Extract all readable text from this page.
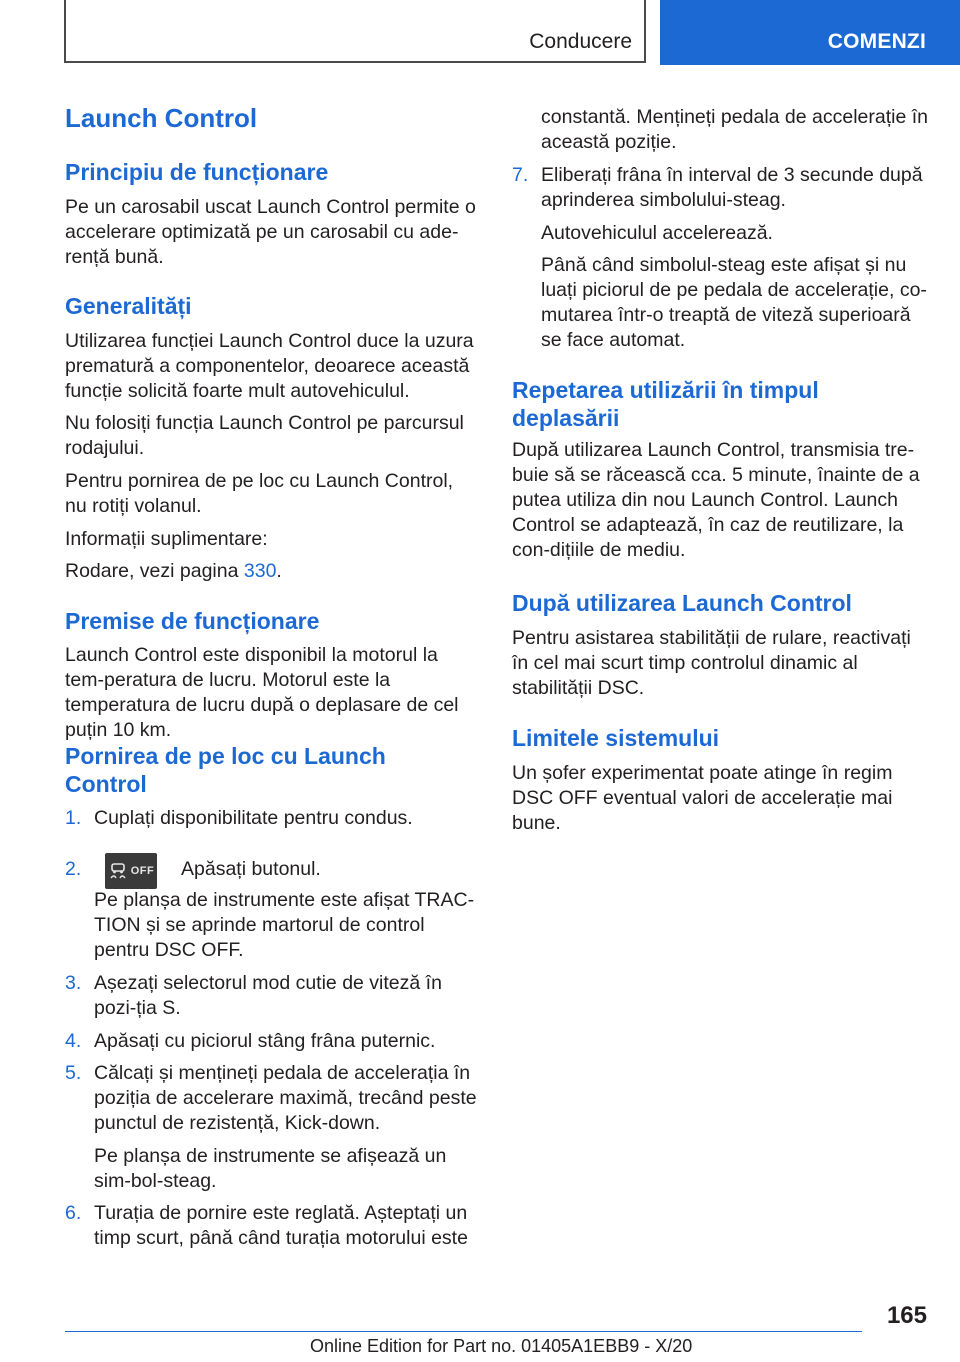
Conducere	COMENZI
Launch Control
Principiu de funcționare

Pe un carosabil uscat Launch Control permite o accelerare optimizată pe un carosabil cu ade-rență bună.

Generalități

Utilizarea funcției Launch Control duce la uzura prematură a componentelor, deoarece această funcție solicită foarte mult autovehiculul.

Nu folosiți funcția Launch Control pe parcursul rodajului.

Pentru pornirea de pe loc cu Launch Control, nu rotiți volanul.

Informații suplimentare:

Rodare, vezi pagina 330.

Premise de funcționare

Launch Control este disponibil la motorul la tem-peratura de lucru. Motorul este la temperatura de lucru după o deplasare de cel puțin 10 km.

Pornirea de pe loc cu Launch Control
1. Cuplați disponibilitate pentru condus.
2.	OFF Apăsați butonul.

Pe planșa de instrumente este afișat TRAC-TION și se aprinde martorul de control pentru DSC OFF.

3. Așezați selectorul mod cutie de viteză în pozi-ția S.
4. Apăsați cu piciorul stâng frâna puternic.
5. Călcați și mențineți pedala de accelerația în poziția de accelerare maximă, trecând peste punctul de rezistență, Kick-down.

Pe planșa de instrumente se afișează un sim-bol-steag.

6. Turația de pornire este reglată. Așteptați un timp scurt, până când turația motorului este

constantă. Mențineți pedala de accelerație în această poziție.

7. Eliberați frâna în interval de 3 secunde după aprinderea simbolului-steag.

Autovehiculul accelerează.

Până când simbolul-steag este afișat și nu luați piciorul de pe pedala de accelerație, co-mutarea într-o treaptă de viteză superioară se face automat.

Repetarea utilizării în timpul deplasării

După utilizarea Launch Control, transmisia tre-buie să se răcească cca. 5 minute, înainte de a putea utiliza din nou Launch Control. Launch Control se adaptează, în caz de reutilizare, la con-dițiile de mediu.

După utilizarea Launch Control

Pentru asistarea stabilității de rulare, reactivați în cel mai scurt timp controlul dinamic al stabilității DSC.

Limitele sistemului

Un șofer experimentat poate atinge în regim DSC OFF eventual valori de accelerație mai bune.

165
Online Edition for Part no. 01405A1EBB9 - X/20
